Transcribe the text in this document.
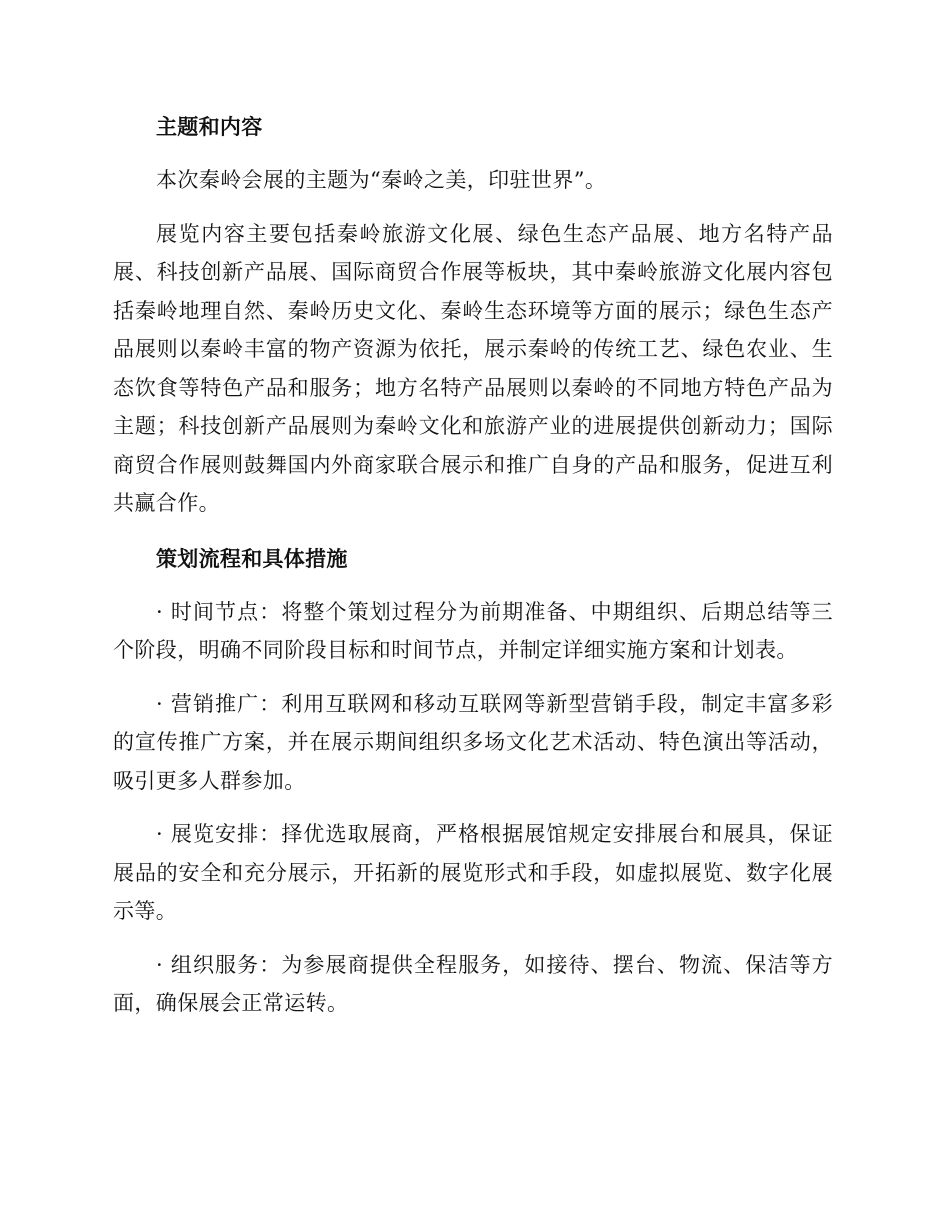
主题和内容

本次秦岭会展的主题为“秦岭之美，印驻世界”。

展览内容主要包括秦岭旅游文化展、绿色生态产品展、地方名特产品展、科技创新产品展、国际商贸合作展等板块，其中秦岭旅游文化展内容包括秦岭地理自然、秦岭历史文化、秦岭生态环境等方面的展示；绿色生态产品展则以秦岭丰富的物产资源为依托，展示秦岭的传统工艺、绿色农业、生态饮食等特色产品和服务；地方名特产品展则以秦岭的不同地方特色产品为主题；科技创新产品展则为秦岭文化和旅游产业的进展提供创新动力；国际商贸合作展则鼓舞国内外商家联合展示和推广自身的产品和服务，促进互利共赢合作。

策划流程和具体措施

· 时间节点：将整个策划过程分为前期准备、中期组织、后期总结等三个阶段，明确不同阶段目标和时间节点，并制定详细实施方案和计划表。

· 营销推广：利用互联网和移动互联网等新型营销手段，制定丰富多彩的宣传推广方案，并在展示期间组织多场文化艺术活动、特色演出等活动，吸引更多人群参加。

· 展览安排：择优选取展商，严格根据展馆规定安排展台和展具，保证展品的安全和充分展示，开拓新的展览形式和手段，如虚拟展览、数字化展示等。

· 组织服务：为参展商提供全程服务，如接待、摆台、物流、保洁等方面，确保展会正常运转。
